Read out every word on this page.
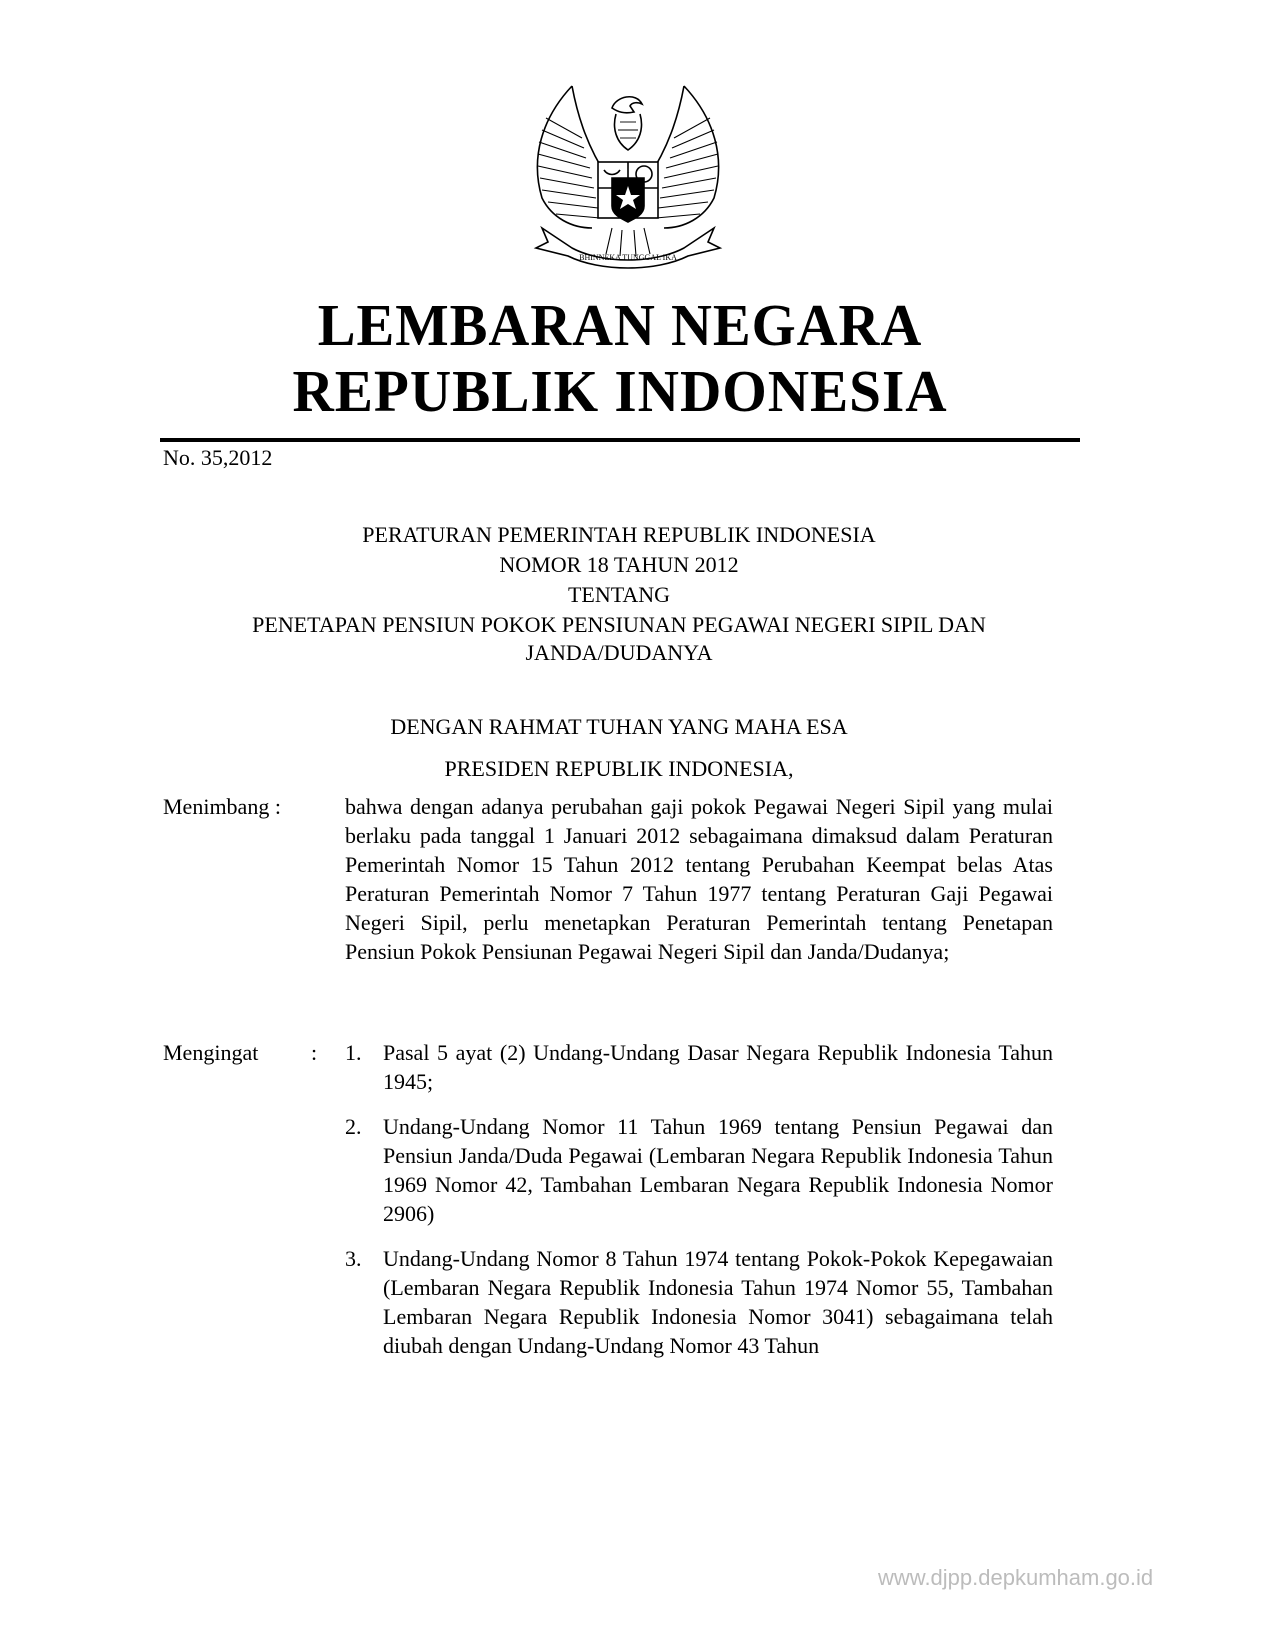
BHINNEKA TUNGGAL IKA
LEMBARAN NEGARA
REPUBLIK INDONESIA
No. 35,2012
PERATURAN PEMERINTAH REPUBLIK INDONESIA
NOMOR 18 TAHUN 2012
TENTANG
PENETAPAN PENSIUN POKOK PENSIUNAN PEGAWAI NEGERI SIPIL DAN
JANDA/DUDANYA
DENGAN RAHMAT TUHAN YANG MAHA ESA
PRESIDEN REPUBLIK INDONESIA,
Menimbang :	bahwa dengan adanya perubahan gaji pokok Pegawai Negeri Sipil yang mulai berlaku pada tanggal 1 Januari 2012 sebagaimana dimaksud dalam Peraturan Pemerintah Nomor 15 Tahun 2012 tentang Perubahan Keempat belas Atas Peraturan Pemerintah Nomor 7 Tahun 1977 tentang Peraturan Gaji Pegawai Negeri Sipil, perlu menetapkan Peraturan Pemerintah tentang Penetapan Pensiun Pokok Pensiunan Pegawai Negeri Sipil dan Janda/Dudanya;

Mengingat	: 1. Pasal 5 ayat (2) Undang-Undang Dasar Negara Republik Indonesia Tahun 1945;
2. Undang-Undang Nomor 11 Tahun 1969 tentang Pensiun Pegawai dan Pensiun Janda/Duda Pegawai (Lembaran Negara Republik Indonesia Tahun 1969 Nomor 42, Tambahan Lembaran Negara Republik Indonesia Nomor 2906)
3. Undang-Undang Nomor 8 Tahun 1974 tentang Pokok-Pokok Kepegawaian (Lembaran Negara Republik Indonesia Tahun 1974 Nomor 55, Tambahan Lembaran Negara Republik Indonesia Nomor 3041) sebagaimana telah diubah dengan Undang-Undang Nomor 43 Tahun
www.djpp.depkumham.go.id
